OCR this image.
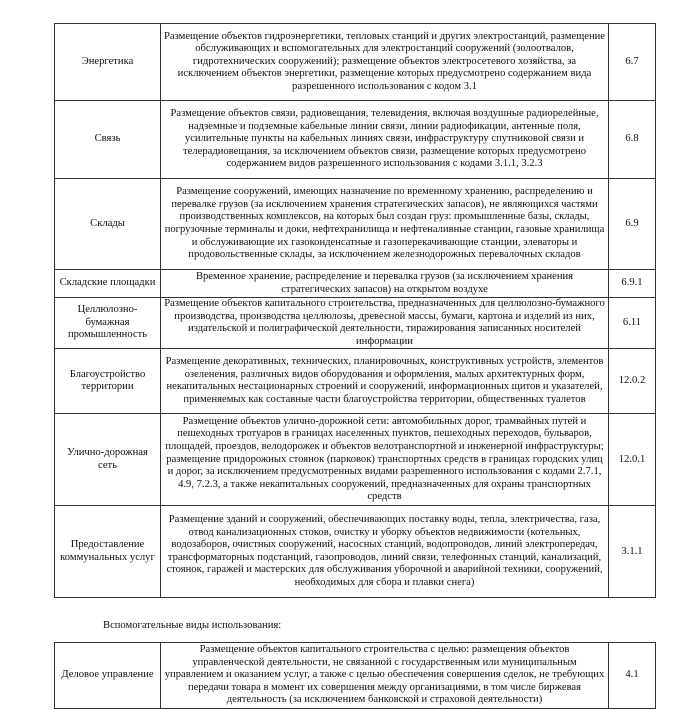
Энергетика	Размещение объектов гидроэнергетики, тепловых станций и других электростанций, размещение обслуживающих и вспомогательных для электростанций сооружений (золоотвалов, гидротехнических сооружений); размещение объектов электросетевого хозяйства, за исключением объектов энергетики, размещение которых предусмотрено содержанием вида разрешенного использования с кодом 3.1	6.7
Связь	Размещение объектов связи, радиовещания, телевидения, включая воздушные радиорелейные, надземные и подземные кабельные линии связи, линии радиофикации, антенные поля, усилительные пункты на кабельных линиях связи, инфраструктуру спутниковой связи и телерадиовещания, за исключением объектов связи, размещение которых предусмотрено содержанием видов разрешенного использования с кодами 3.1.1, 3.2.3	6.8
Склады	Размещение сооружений, имеющих назначение по временному хранению, распределению и перевалке грузов (за исключением хранения стратегических запасов), не являющихся частями производственных комплексов, на которых был создан груз: промышленные базы, склады, погрузочные терминалы и доки, нефтехранилища и нефтеналивные станции, газовые хранилища и обслуживающие их газоконденсатные и газоперекачивающие станции, элеваторы и продовольственные склады, за исключением железнодорожных перевалочных складов	6.9
Складские площадки	Временное хранение, распределение и перевалка грузов (за исключением хранения стратегических запасов) на открытом воздухе	6.9.1
Целлюлозно-бумажная промышленность	Размещение объектов капитального строительства, предназначенных для целлюлозно-бумажного производства, производства целлюлозы, древесной массы, бумаги, картона и изделий из них, издательской и полиграфической деятельности, тиражирования записанных носителей информации	6.11
Благоустройство территории	Размещение декоративных, технических, планировочных, конструктивных устройств, элементов озеленения, различных видов оборудования и оформления, малых архитектурных форм, некапитальных нестационарных строений и сооружений, информационных щитов и указателей, применяемых как составные части благоустройства территории, общественных туалетов	12.0.2
Улично-дорожная сеть	Размещение объектов улично-дорожной сети: автомобильных дорог, трамвайных путей и пешеходных тротуаров в границах населенных пунктов, пешеходных переходов, бульваров, площадей, проездов, велодорожек и объектов велотранспортной и инженерной инфраструктуры; размещение придорожных стоянок (парковок) транспортных средств в границах городских улиц и дорог, за исключением предусмотренных видами разрешенного использования с кодами 2.7.1, 4.9, 7.2.3, а также некапитальных сооружений, предназначенных для охраны транспортных средств	12.0.1
Предоставление коммунальных услуг	Размещение зданий и сооружений, обеспечивающих поставку воды, тепла, электричества, газа, отвод канализационных стоков, очистку и уборку объектов недвижимости (котельных, водозаборов, очистных сооружений, насосных станций, водопроводов, линий электропередач, трансформаторных подстанций, газопроводов, линий связи, телефонных станций, канализаций, стоянок, гаражей и мастерских для обслуживания уборочной и аварийной техники, сооружений, необходимых для сбора и плавки снега)	3.1.1
Вспомогательные виды использования:
Деловое управление	Размещение объектов капитального строительства с целью: размещения объектов управленческой деятельности, не связанной с государственным или муниципальным управлением и оказанием услуг, а также с целью обеспечения совершения сделок, не требующих передачи товара в момент их совершения между организациями, в том числе биржевая деятельность (за исключением банковской и страховой деятельности)	4.1
